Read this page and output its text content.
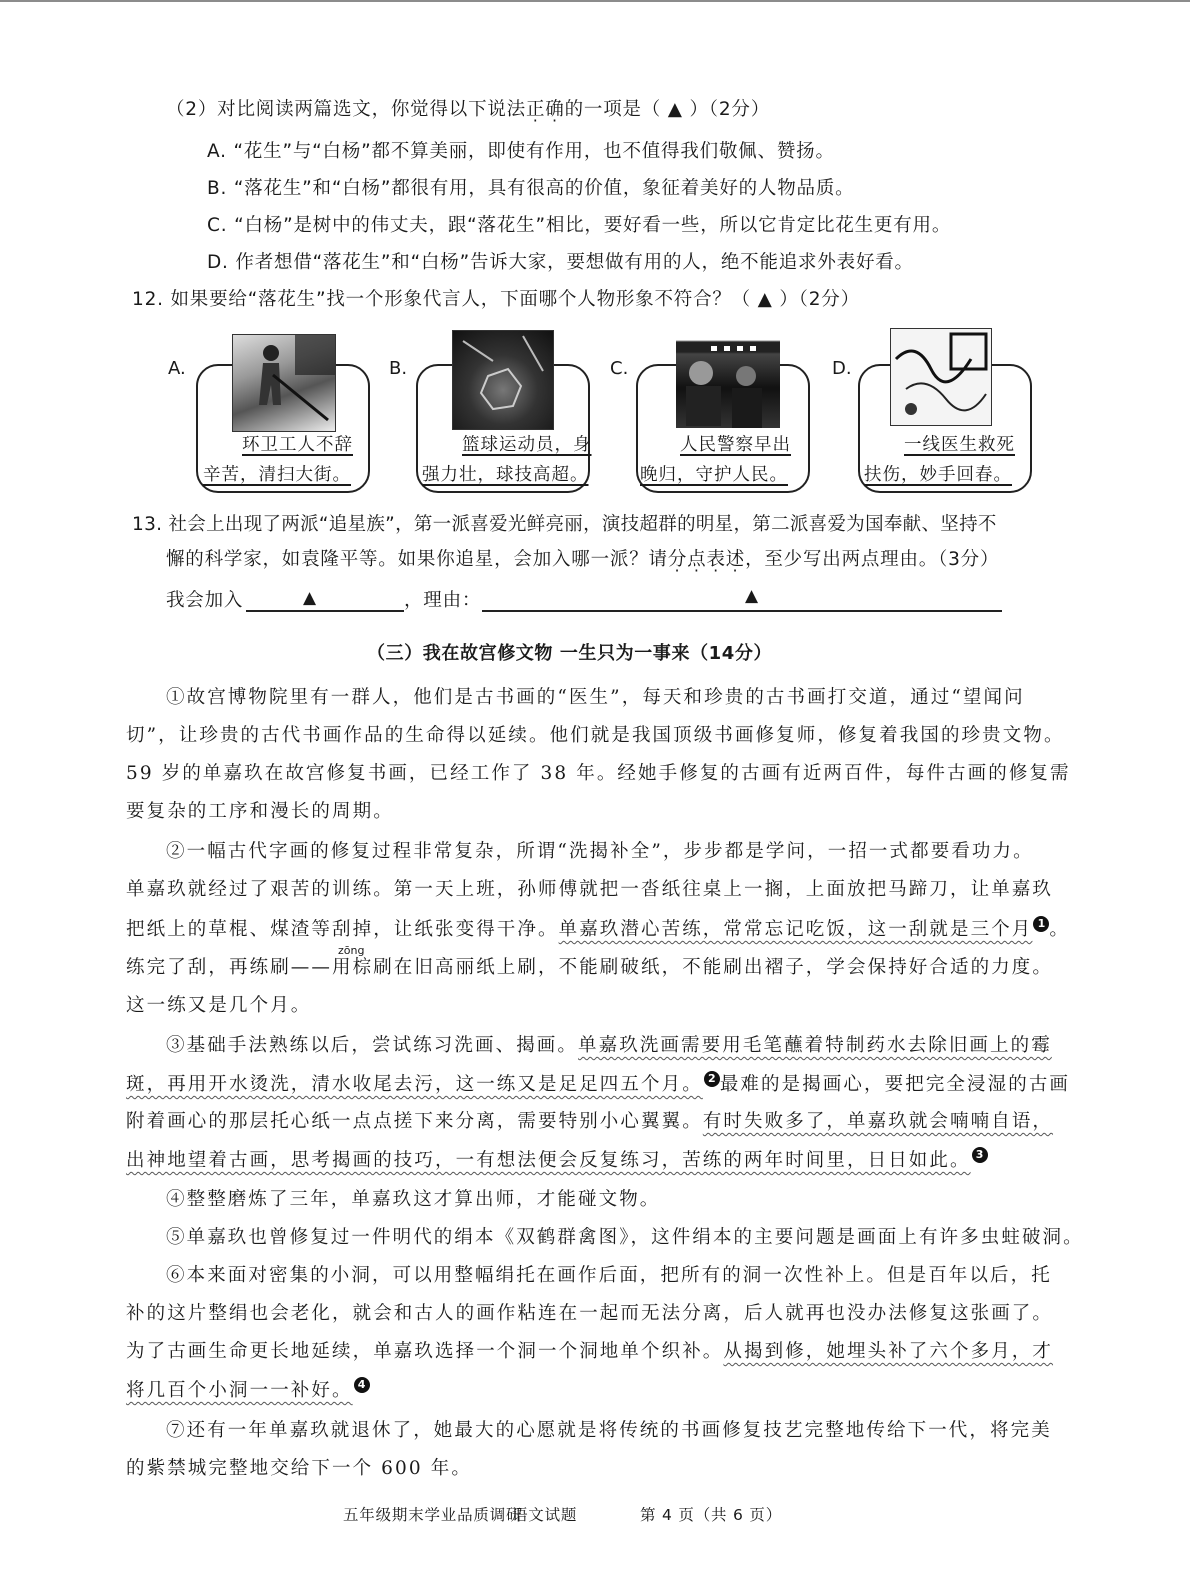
（2）对比阅读两篇选文，你觉得以下说法正确的一项是（ ▲ ）（2分）
A. “花生”与“白杨”都不算美丽，即使有作用，也不值得我们敬佩、赞扬。
B. “落花生”和“白杨”都很有用，具有很高的价值，象征着美好的人物品质。
C. “白杨”是树中的伟丈夫，跟“落花生”相比，要好看一些，所以它肯定比花生更有用。
D. 作者想借“落花生”和“白杨”告诉大家，要想做有用的人，绝不能追求外表好看。
12. 如果要给“落花生”找一个形象代言人，下面哪个人物形象不符合？（ ▲ ）（2分）
A.
环卫工人不辞
辛苦，清扫大街。
B.
篮球运动员，身
强力壮，球技高超。
C.
人民警察早出
晚归，守护人民。
D.
一线医生救死
扶伤，妙手回春。
13. 社会上出现了两派“追星族”，第一派喜爱光鲜亮丽，演技超群的明星，第二派喜爱为国奉献、坚持不
懈的科学家，如袁隆平等。如果你追星，会加入哪一派？请分点表述，至少写出两点理由。（3分）
我会加入	▲	，理由：	▲
（三）我在故宫修文物 一生只为一事来（14分）
①故宫博物院里有一群人，他们是古书画的“医生”，每天和珍贵的古书画打交道，通过“望闻问
切”，让珍贵的古代书画作品的生命得以延续。他们就是我国顶级书画修复师，修复着我国的珍贵文物。
59 岁的单嘉玖在故宫修复书画，已经工作了 38 年。经她手修复的古画有近两百件，每件古画的修复需
要复杂的工序和漫长的周期。
②一幅古代字画的修复过程非常复杂，所谓“洗揭补全”，步步都是学问，一招一式都要看功力。
单嘉玖就经过了艰苦的训练。第一天上班，孙师傅就把一沓纸往桌上一搁，上面放把马蹄刀，让单嘉玖
把纸上的草棍、煤渣等刮掉，让纸张变得干净。单嘉玖潜心苦练，常常忘记吃饭，这一刮就是三个月 1 。
zōng
练完了刮，再练刷——用棕刷在旧高丽纸上刷，不能刷破纸，不能刷出褶子，学会保持好合适的力度。
这一练又是几个月。
③基础手法熟练以后，尝试练习洗画、揭画。单嘉玖洗画需要用毛笔蘸着特制药水去除旧画上的霉
斑，再用开水烫洗，清水收尾去污，这一练又是足足四五个月。 2 最难的是揭画心，要把完全浸湿的古画
附着画心的那层托心纸一点点搓下来分离，需要特别小心翼翼。有时失败多了，单嘉玖就会喃喃自语，
出神地望着古画，思考揭画的技巧，一有想法便会反复练习，苦练的两年时间里，日日如此。 3
④整整磨炼了三年，单嘉玖这才算出师，才能碰文物。
⑤单嘉玖也曾修复过一件明代的绢本《双鹤群禽图》，这件绢本的主要问题是画面上有许多虫蛀破洞。
⑥本来面对密集的小洞，可以用整幅绢托在画作后面，把所有的洞一次性补上。但是百年以后，托
补的这片整绢也会老化，就会和古人的画作粘连在一起而无法分离，后人就再也没办法修复这张画了。
为了古画生命更长地延续，单嘉玖选择一个洞一个洞地单个织补。从揭到修，她埋头补了六个多月，才
将几百个小洞一一补好。 4
⑦还有一年单嘉玖就退休了，她最大的心愿就是将传统的书画修复技艺完整地传给下一代，将完美
的紫禁城完整地交给下一个 600 年。
五年级期末学业品质调研
语文试题	第 4 页（共 6 页）
